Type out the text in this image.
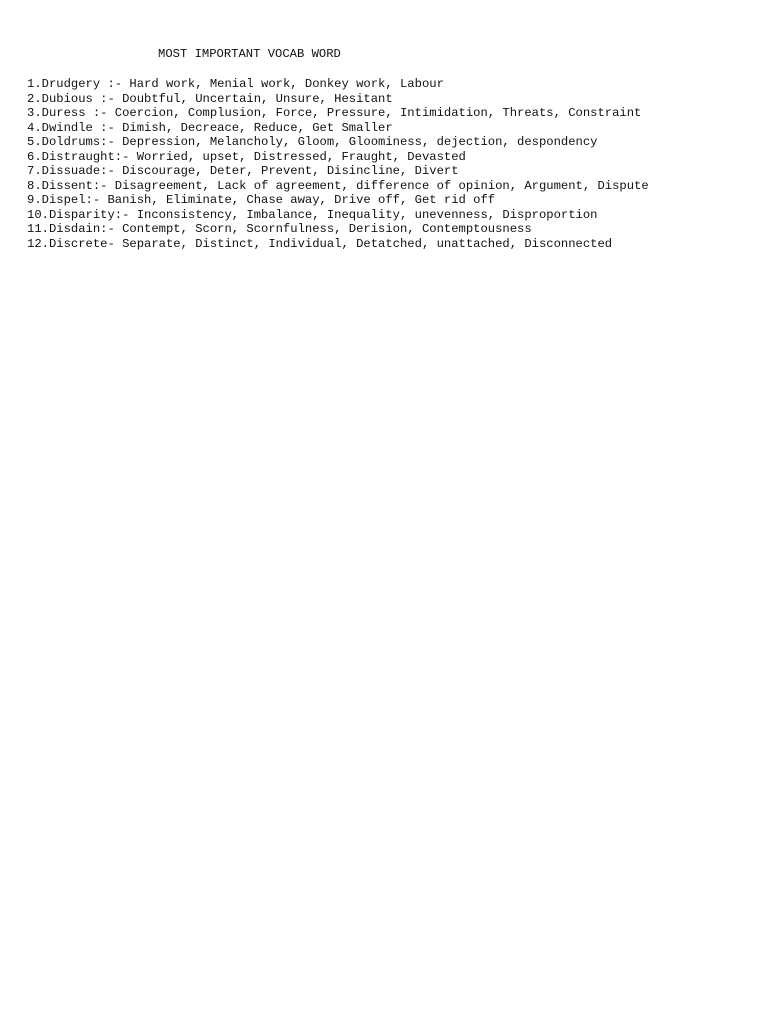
MOST IMPORTANT VOCAB WORD
1.Drudgery :- Hard work, Menial work, Donkey work, Labour
2.Dubious :- Doubtful, Uncertain, Unsure, Hesitant
3.Duress :- Coercion, Complusion, Force, Pressure, Intimidation, Threats, Constraint
4.Dwindle :- Dimish, Decreace, Reduce, Get Smaller
5.Doldrums:- Depression, Melancholy, Gloom, Gloominess, dejection, despondency
6.Distraught:- Worried, upset, Distressed, Fraught, Devasted
7.Dissuade:- Discourage, Deter, Prevent, Disincline, Divert
8.Dissent:- Disagreement, Lack of agreement, difference of opinion, Argument, Dispute
9.Dispel:- Banish, Eliminate, Chase away, Drive off, Get rid off
10.Disparity:- Inconsistency, Imbalance, Inequality, unevenness, Disproportion
11.Disdain:- Contempt, Scorn, Scornfulness, Derision, Contemptousness
12.Discrete- Separate, Distinct, Individual, Detatched, unattached, Disconnected
